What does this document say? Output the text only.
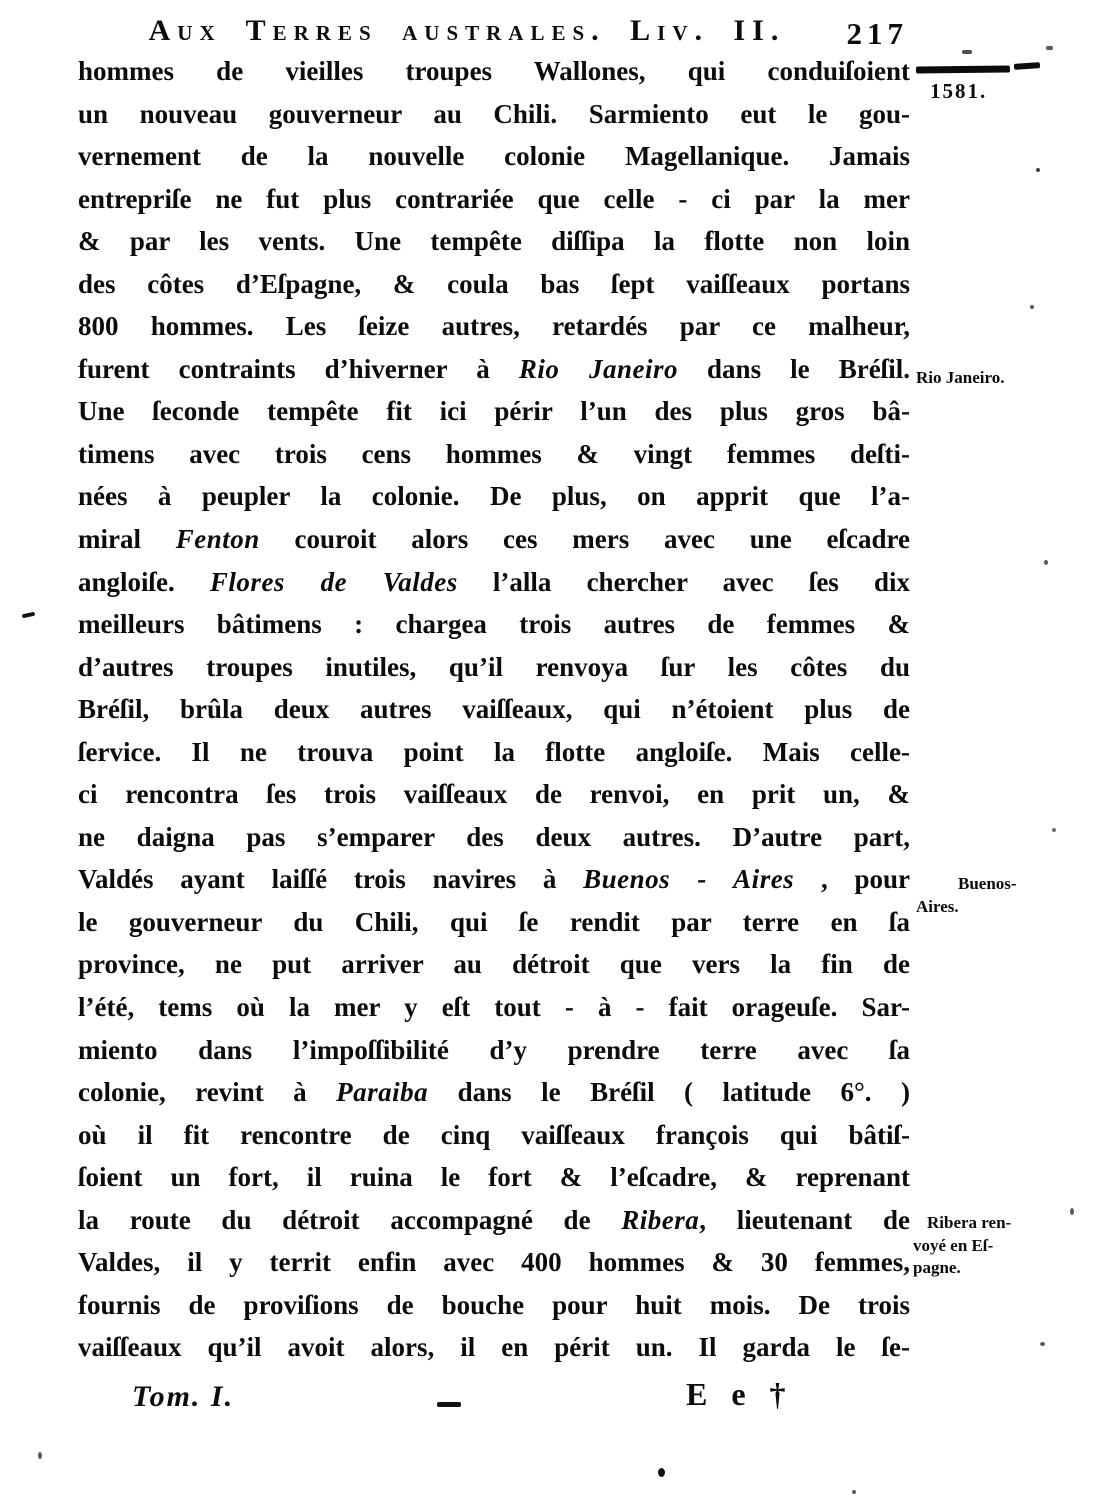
Aux Terres australes. Liv. II. 217
hommes de vieilles troupes Wallones, qui conduiſoient
un nouveau gouverneur au Chili. Sarmiento eut le gou-
vernement de la nouvelle colonie Magellanique. Jamais
entrepriſe ne fut plus contrariée que celle - ci par la mer
& par les vents. Une tempête diſſipa la flotte non loin
des côtes d’Eſpagne, & coula bas ſept vaiſſeaux portans
800 hommes. Les ſeize autres, retardés par ce malheur,
furent contraints d’hiverner à Rio Janeiro dans le Bréſil.
Une ſeconde tempête fit ici périr l’un des plus gros bâ-
timens avec trois cens hommes & vingt femmes deſti-
nées à peupler la colonie. De plus, on apprit que l’a-
miral Fenton couroit alors ces mers avec une eſcadre
angloiſe. Flores de Valdes l’alla chercher avec ſes dix
meilleurs bâtimens : chargea trois autres de femmes &
d’autres troupes inutiles, qu’il renvoya ſur les côtes du
Bréſil, brûla deux autres vaiſſeaux, qui n’étoient plus de
ſervice. Il ne trouva point la flotte angloiſe. Mais celle-
ci rencontra ſes trois vaiſſeaux de renvoi, en prit un, &
ne daigna pas s’emparer des deux autres. D’autre part,
Valdés ayant laiſſé trois navires à Buenos - Aires , pour
le gouverneur du Chili, qui ſe rendit par terre en ſa
province, ne put arriver au détroit que vers la fin de
l’été, tems où la mer y eſt tout - à - fait orageuſe. Sar-
miento dans l’impoſſibilité d’y prendre terre avec ſa
colonie, revint à Paraiba dans le Bréſil ( latitude 6°. )
où il fit rencontre de cinq vaiſſeaux françois qui bâtiſ-
ſoient un fort, il ruina le fort & l’eſcadre, & reprenant
la route du détroit accompagné de Ribera, lieutenant de
Valdes, il y territ enfin avec 400 hommes & 30 femmes,
fournis de proviſions de bouche pour huit mois. De trois
vaiſſeaux qu’il avoit alors, il en périt un. Il garda le ſe-
1581.
Rio Janeiro.
Buenos-
Aires.
Ribera ren-
voyé en Eſ-
pagne.
Tom. I.	E e †
